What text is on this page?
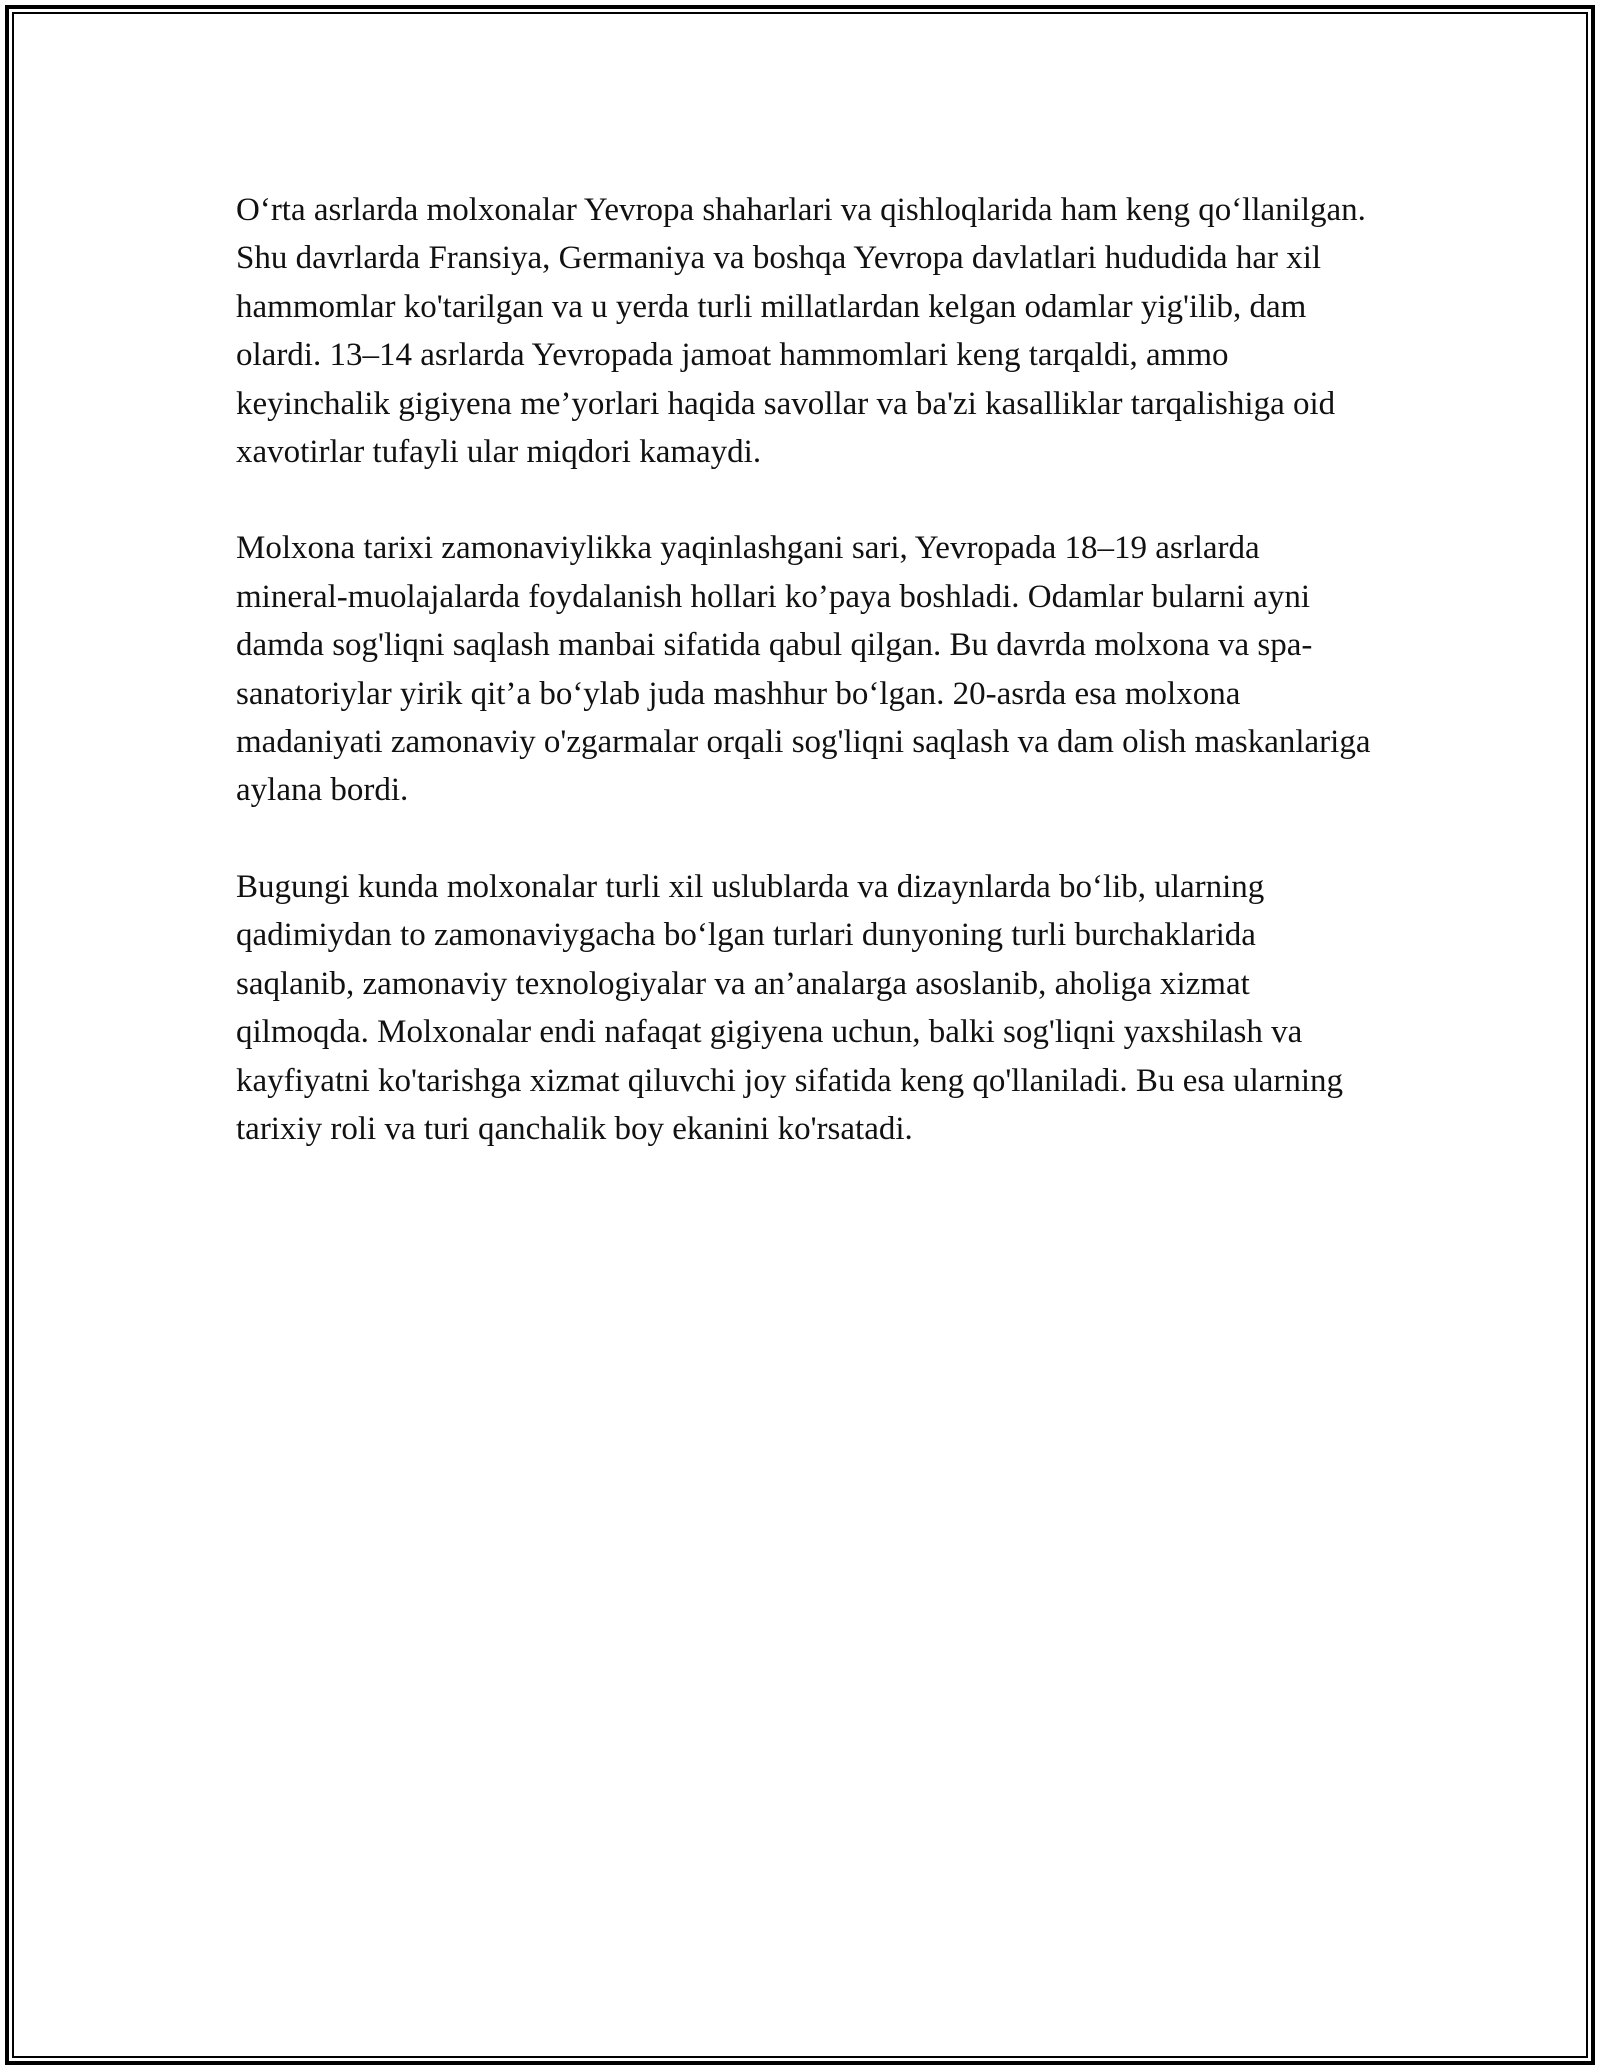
O‘rta asrlarda molxonalar Yevropa shaharlari va qishloqlarida ham keng qo‘llanilgan. Shu davrlarda Fransiya, Germaniya va boshqa Yevropa davlatlari hududida har xil hammomlar ko'tarilgan va u yerda turli millatlardan kelgan odamlar yig'ilib, dam olardi. 13–14 asrlarda Yevropada jamoat hammomlari keng tarqaldi, ammo keyinchalik gigiyena me’yorlari haqida savollar va ba'zi kasalliklar tarqalishiga oid xavotirlar tufayli ular miqdori kamaydi.

Molxona tarixi zamonaviylikka yaqinlashgani sari, Yevropada 18–19 asrlarda mineral-muolajalarda foydalanish hollari ko’paya boshladi. Odamlar bularni ayni damda sog'liqni saqlash manbai sifatida qabul qilgan. Bu davrda molxona va spa-sanatoriylar yirik qit’a bo‘ylab juda mashhur bo‘lgan. 20-asrda esa molxona madaniyati zamonaviy o'zgarmalar orqali sog'liqni saqlash va dam olish maskanlariga aylana bordi.

Bugungi kunda molxonalar turli xil uslublarda va dizaynlarda bo‘lib, ularning qadimiydan to zamonaviygacha bo‘lgan turlari dunyoning turli burchaklarida saqlanib, zamonaviy texnologiyalar va an’analarga asoslanib, aholiga xizmat qilmoqda. Molxonalar endi nafaqat gigiyena uchun, balki sog'liqni yaxshilash va kayfiyatni ko'tarishga xizmat qiluvchi joy sifatida keng qo'llaniladi. Bu esa ularning tarixiy roli va turi qanchalik boy ekanini ko'rsatadi.
